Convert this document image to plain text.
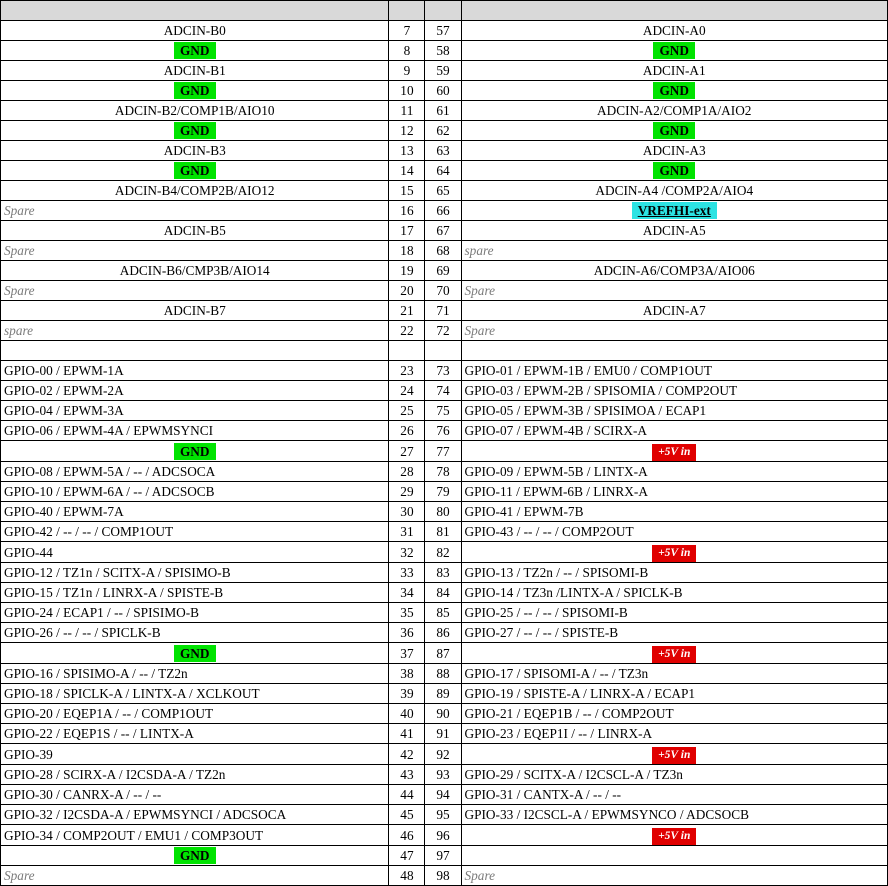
ADCIN-B0	7	57	ADCIN-A0
GND	8	58	GND
ADCIN-B1	9	59	ADCIN-A1
GND	10	60	GND
ADCIN-B2/COMP1B/AIO10	11	61	ADCIN-A2/COMP1A/AIO2
GND	12	62	GND
ADCIN-B3	13	63	ADCIN-A3
GND	14	64	GND
ADCIN-B4/COMP2B/AIO12	15	65	ADCIN-A4 /COMP2A/AIO4
Spare	16	66	VREFHI-ext
ADCIN-B5	17	67	ADCIN-A5
Spare	18	68	spare
ADCIN-B6/CMP3B/AIO14	19	69	ADCIN-A6/COMP3A/AIO06
Spare	20	70	Spare
ADCIN-B7	21	71	ADCIN-A7
spare	22	72	Spare

GPIO-00 / EPWM-1A	23	73	GPIO-01 / EPWM-1B / EMU0 / COMP1OUT
GPIO-02 / EPWM-2A	24	74	GPIO-03 / EPWM-2B / SPISOMIA / COMP2OUT
GPIO-04 / EPWM-3A	25	75	GPIO-05 / EPWM-3B / SPISIMOA / ECAP1
GPIO-06 / EPWM-4A / EPWMSYNCI	26	76	GPIO-07 / EPWM-4B / SCIRX-A
GND	27	77	+5V in
GPIO-08 / EPWM-5A / -- / ADCSOCA	28	78	GPIO-09 / EPWM-5B / LINTX-A
GPIO-10 / EPWM-6A / -- / ADCSOCB	29	79	GPIO-11 / EPWM-6B / LINRX-A
GPIO-40 / EPWM-7A	30	80	GPIO-41 / EPWM-7B
GPIO-42 / -- / -- / COMP1OUT	31	81	GPIO-43 / -- / -- / COMP2OUT
GPIO-44	32	82	+5V in
GPIO-12 / TZ1n / SCITX-A / SPISIMO-B	33	83	GPIO-13 / TZ2n / -- / SPISOMI-B
GPIO-15 / TZ1n / LINRX-A / SPISTE-B	34	84	GPIO-14 / TZ3n /LINTX-A / SPICLK-B
GPIO-24 / ECAP1 / -- / SPISIMO-B	35	85	GPIO-25 / -- / -- / SPISOMI-B
GPIO-26 / -- / -- / SPICLK-B	36	86	GPIO-27 / -- / -- / SPISTE-B
GND	37	87	+5V in
GPIO-16 / SPISIMO-A / -- / TZ2n	38	88	GPIO-17 / SPISOMI-A / -- / TZ3n
GPIO-18 / SPICLK-A / LINTX-A / XCLKOUT	39	89	GPIO-19 / SPISTE-A / LINRX-A / ECAP1
GPIO-20 / EQEP1A / -- / COMP1OUT	40	90	GPIO-21 / EQEP1B / -- / COMP2OUT
GPIO-22 / EQEP1S / -- / LINTX-A	41	91	GPIO-23 / EQEP1I / -- / LINRX-A
GPIO-39	42	92	+5V in
GPIO-28 / SCIRX-A / I2CSDA-A / TZ2n	43	93	GPIO-29 / SCITX-A / I2CSCL-A / TZ3n
GPIO-30 / CANRX-A / -- / --	44	94	GPIO-31 / CANTX-A / -- / --
GPIO-32 / I2CSDA-A / EPWMSYNCI / ADCSOCA	45	95	GPIO-33 / I2CSCL-A / EPWMSYNCO / ADCSOCB
GPIO-34 / COMP2OUT / EMU1 / COMP3OUT	46	96	+5V in
GND	47	97	
Spare	48	98	Spare
